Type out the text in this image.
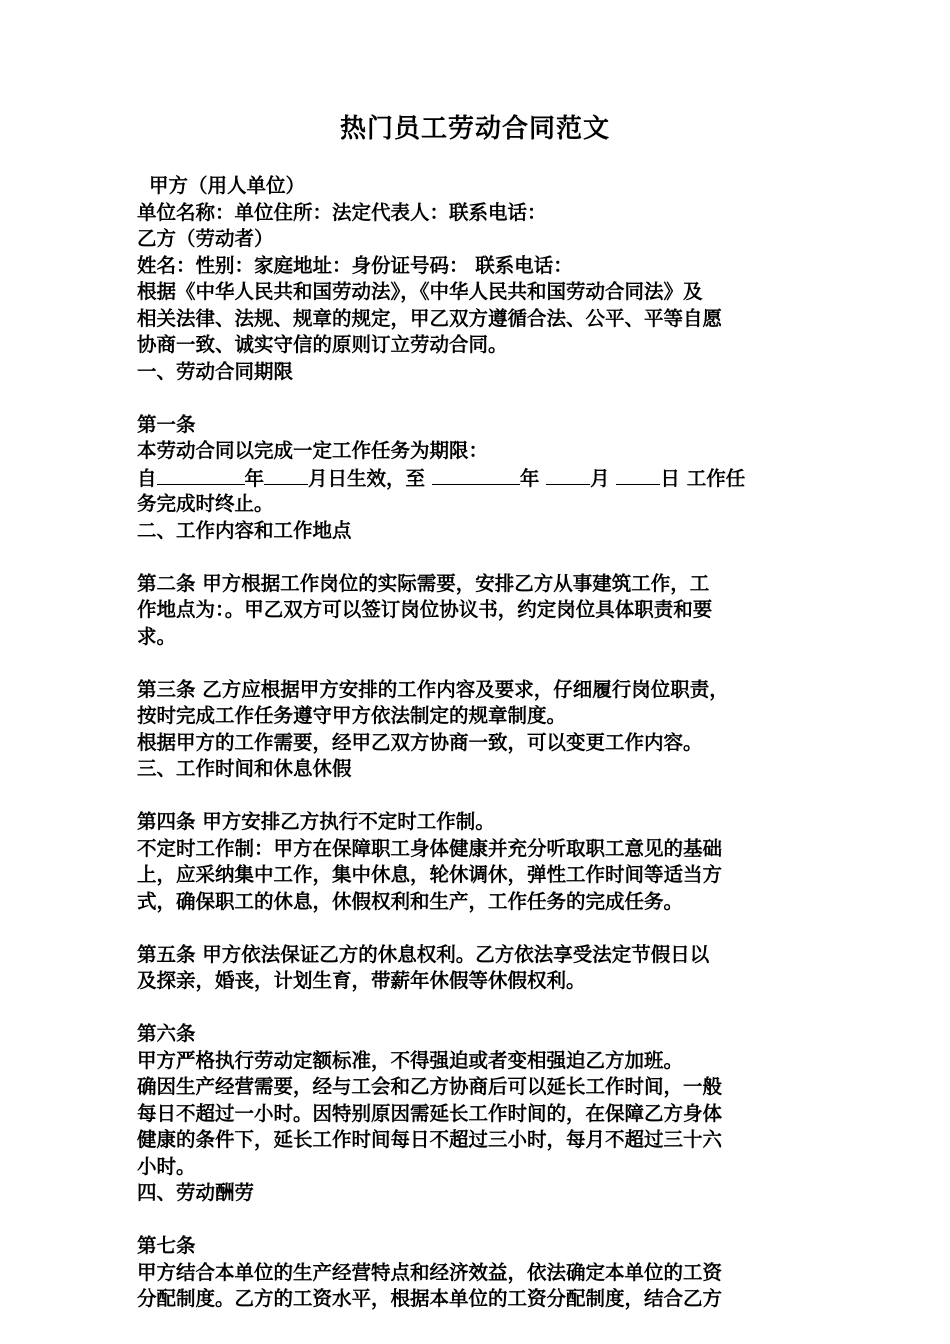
热门员工劳动合同范文
甲方（用人单位）
单位名称：单位住所：法定代表人：联系电话：
乙方（劳动者）
姓名：性别：家庭地址：身份证号码： 联系电话：
根据《中华人民共和国劳动法》，《中华人民共和国劳动合同法》及
相关法律、法规、规章的规定，甲乙双方遵循合法、公平、平等自愿
协商一致、诚实守信的原则订立劳动合同。
一、劳动合同期限
第一条
本劳动合同以完成一定工作任务为期限：
自	年 月日生效，至	年 月 日 工作任
务完成时终止。
二、工作内容和工作地点
第二条 甲方根据工作岗位的实际需要，安排乙方从事建筑工作，工
作地点为：。甲乙双方可以签订岗位协议书，约定岗位具体职责和要
求。
第三条 乙方应根据甲方安排的工作内容及要求，仔细履行岗位职责，
按时完成工作任务遵守甲方依法制定的规章制度。
根据甲方的工作需要，经甲乙双方协商一致，可以变更工作内容。
三、工作时间和休息休假
第四条 甲方安排乙方执行不定时工作制。
不定时工作制：甲方在保障职工身体健康并充分听取职工意见的基础
上，应采纳集中工作，集中休息，轮休调休，弹性工作时间等适当方
式，确保职工的休息，休假权利和生产，工作任务的完成任务。
第五条 甲方依法保证乙方的休息权利。乙方依法享受法定节假日以
及探亲，婚丧，计划生育，带薪年休假等休假权利。
第六条
甲方严格执行劳动定额标准，不得强迫或者变相强迫乙方加班。
确因生产经营需要，经与工会和乙方协商后可以延长工作时间，一般
每日不超过一小时。因特别原因需延长工作时间的，在保障乙方身体
健康的条件下，延长工作时间每日不超过三小时，每月不超过三十六
小时。
四、劳动酬劳
第七条
甲方结合本单位的生产经营特点和经济效益，依法确定本单位的工资
分配制度。乙方的工资水平，根据本单位的工资分配制度，结合乙方
